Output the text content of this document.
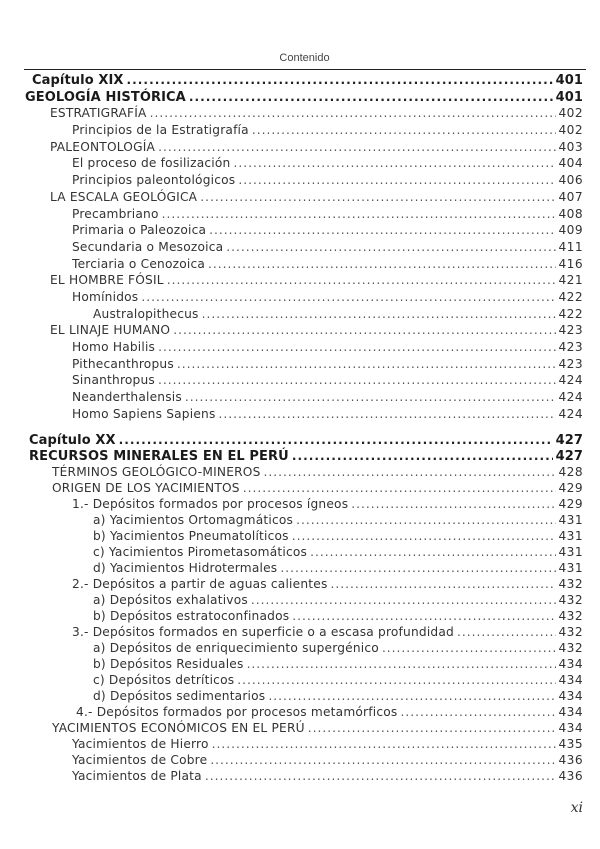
Contenido
Capítulo XIX .....	401
GEOLOGÍA HISTÓRICA .....	401
ESTRATIGRAFÍA .....	402
Principios de la Estratigrafía .....	402
PALEONTOLOGÍA .....	403
El proceso de fosilización .....	404
Principios paleontológicos .....	406
LA ESCALA GEOLÓGICA .....	407
Precambriano .....	408
Primaria o Paleozoica .....	409
Secundaria o Mesozoica .....	411
Terciaria o Cenozoica .....	416
EL HOMBRE FÓSIL .....	421
Homínidos .....	422
Australopithecus .....	422
EL LINAJE HUMANO .....	423
Homo Habilis .....	423
Pithecanthropus .....	423
Sinanthropus .....	424
Neanderthalensis .....	424
Homo Sapiens Sapiens .....	424
Capítulo XX .....	427
RECURSOS MINERALES EN EL PERÚ .....	427
TÉRMINOS GEOLÓGICO-MINEROS .....	428
ORIGEN DE LOS YACIMIENTOS .....	429
1.- Depósitos formados por procesos ígneos .....	429
a) Yacimientos Ortomagmáticos .....	431
b) Yacimientos Pneumatolíticos .....	431
c) Yacimientos Pirometasomáticos .....	431
d) Yacimientos Hidrotermales .....	431
2.- Depósitos a partir de aguas calientes .....	432
a) Depósitos exhalativos .....	432
b) Depósitos estratoconfinados .....	432
3.- Depósitos formados en superficie o a escasa profundidad .....	432
a) Depósitos de enriquecimiento supergénico .....	432
b) Depósitos Residuales .....	434
c) Depósitos detríticos .....	434
d) Depósitos sedimentarios .....	434
4.- Depósitos formados por procesos metamórficos .....	434
YACIMIENTOS ECONÓMICOS EN EL PERÚ .....	434
Yacimientos de Hierro .....	435
Yacimientos de Cobre .....	436
Yacimientos de Plata .....	436
xi
